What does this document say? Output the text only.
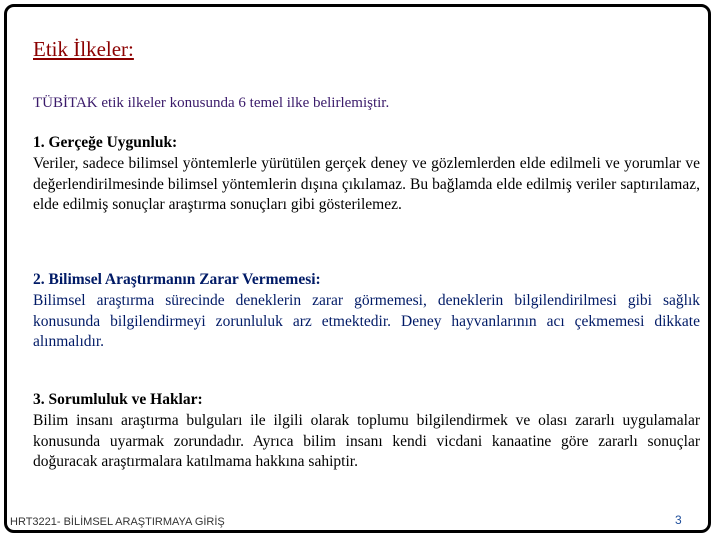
Etik İlkeler:

TÜBİTAK etik ilkeler konusunda 6 temel ilke belirlemiştir.

1. Gerçeğe Uygunluk:

Veriler, sadece bilimsel yöntemlerle yürütülen gerçek deney ve gözlemlerden elde edilmeli ve yorumlar ve değerlendirilmesinde bilimsel yöntemlerin dışına çıkılamaz. Bu bağlamda elde edilmiş veriler saptırılamaz, elde edilmiş sonuçlar araştırma sonuçları gibi gösterilemez.

2. Bilimsel Araştırmanın Zarar Vermemesi:

Bilimsel araştırma sürecinde deneklerin zarar görmemesi, deneklerin bilgilendirilmesi gibi sağlık konusunda bilgilendirmeyi zorunluluk arz etmektedir. Deney hayvanlarının acı çekmemesi dikkate alınmalıdır.

3. Sorumluluk ve Haklar:

Bilim insanı araştırma bulguları ile ilgili olarak toplumu bilgilendirmek ve olası zararlı uygulamalar konusunda uyarmak zorundadır. Ayrıca bilim insanı kendi vicdani kanaatine göre zararlı sonuçlar doğuracak araştırmalara katılmama hakkına sahiptir.

HRT3221- BİLİMSEL ARAŞTIRMAYA GİRİŞ	3
